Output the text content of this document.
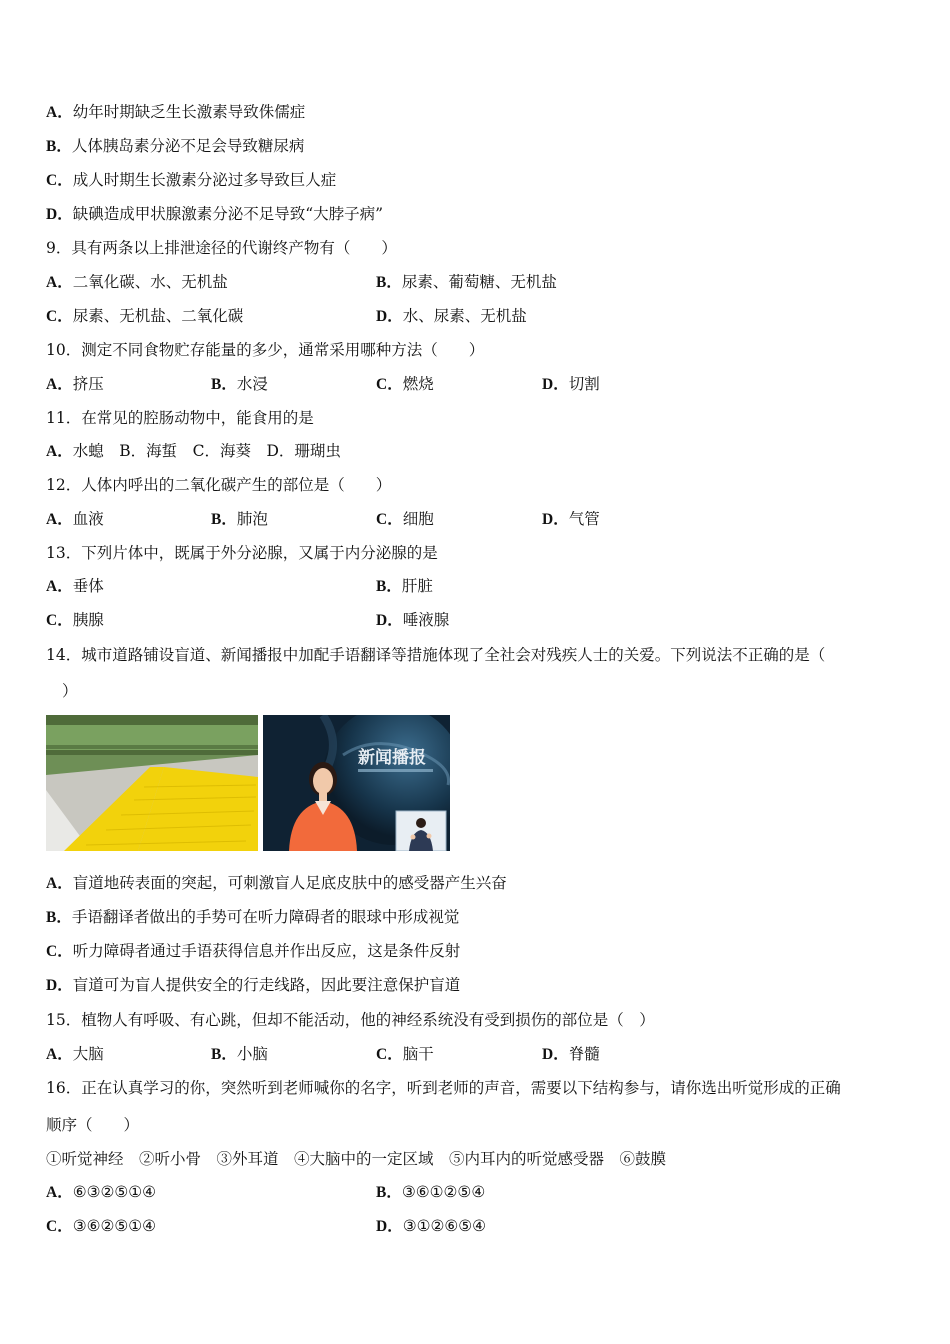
A．幼年时期缺乏生长激素导致侏儒症
B．人体胰岛素分泌不足会导致糖尿病
C．成人时期生长激素分泌过多导致巨人症
D．缺碘造成甲状腺激素分泌不足导致“大脖子病”
9．具有两条以上排泄途径的代谢终产物有（　　）
A．二氧化碳、水、无机盐	B．尿素、葡萄糖、无机盐
C．尿素、无机盐、二氧化碳	D．水、尿素、无机盐
10．测定不同食物贮存能量的多少，通常采用哪种方法（　　）
A．挤压	B．水浸	C．燃烧	D．切割
11．在常见的腔肠动物中，能食用的是
A．水螅　B．海蜇　C．海葵　D．珊瑚虫
12．人体内呼出的二氧化碳产生的部位是（　　）
A．血液	B．肺泡	C．细胞	D．气管
13．下列片体中，既属于外分泌腺，又属于内分泌腺的是
A．垂体	B．肝脏
C．胰腺	D．唾液腺
14．城市道路铺设盲道、新闻播报中加配手语翻译等措施体现了全社会对残疾人士的关爱。下列说法不正确的是（
）
新闻播报
A．盲道地砖表面的突起，可刺激盲人足底皮肤中的感受器产生兴奋
B．手语翻译者做出的手势可在听力障碍者的眼球中形成视觉
C．听力障碍者通过手语获得信息并作出反应，这是条件反射
D．盲道可为盲人提供安全的行走线路，因此要注意保护盲道
15．植物人有呼吸、有心跳，但却不能活动，他的神经系统没有受到损伤的部位是（　）
A．大脑	B．小脑	C．脑干	D．脊髓
16．正在认真学习的你，突然听到老师喊你的名字，听到老师的声音，需要以下结构参与，请你选出听觉形成的正确
顺序（　　）
①听觉神经　②听小骨　③外耳道　④大脑中的一定区域　⑤内耳内的听觉感受器　⑥鼓膜
A．⑥③②⑤①④	B．③⑥①②⑤④
C．③⑥②⑤①④	D．③①②⑥⑤④
